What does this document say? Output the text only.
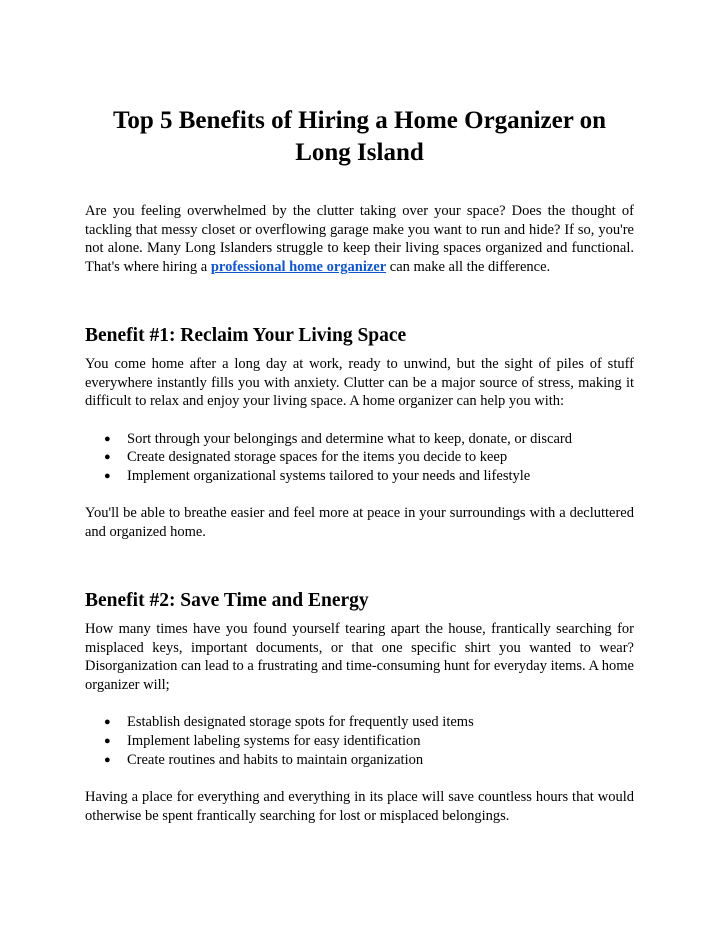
Top 5 Benefits of Hiring a Home Organizer on Long Island

Are you feeling overwhelmed by the clutter taking over your space? Does the thought of tackling that messy closet or overflowing garage make you want to run and hide? If so, you're not alone. Many Long Islanders struggle to keep their living spaces organized and functional. That's where hiring a professional home organizer can make all the difference.

Benefit #1: Reclaim Your Living Space

You come home after a long day at work, ready to unwind, but the sight of piles of stuff everywhere instantly fills you with anxiety. Clutter can be a major source of stress, making it difficult to relax and enjoy your living space. A home organizer can help you with:

● Sort through your belongings and determine what to keep, donate, or discard
● Create designated storage spaces for the items you decide to keep
● Implement organizational systems tailored to your needs and lifestyle

You'll be able to breathe easier and feel more at peace in your surroundings with a decluttered and organized home.

Benefit #2: Save Time and Energy

How many times have you found yourself tearing apart the house, frantically searching for misplaced keys, important documents, or that one specific shirt you wanted to wear? Disorganization can lead to a frustrating and time-consuming hunt for everyday items. A home organizer will;

● Establish designated storage spots for frequently used items
● Implement labeling systems for easy identification
● Create routines and habits to maintain organization

Having a place for everything and everything in its place will save countless hours that would otherwise be spent frantically searching for lost or misplaced belongings.
